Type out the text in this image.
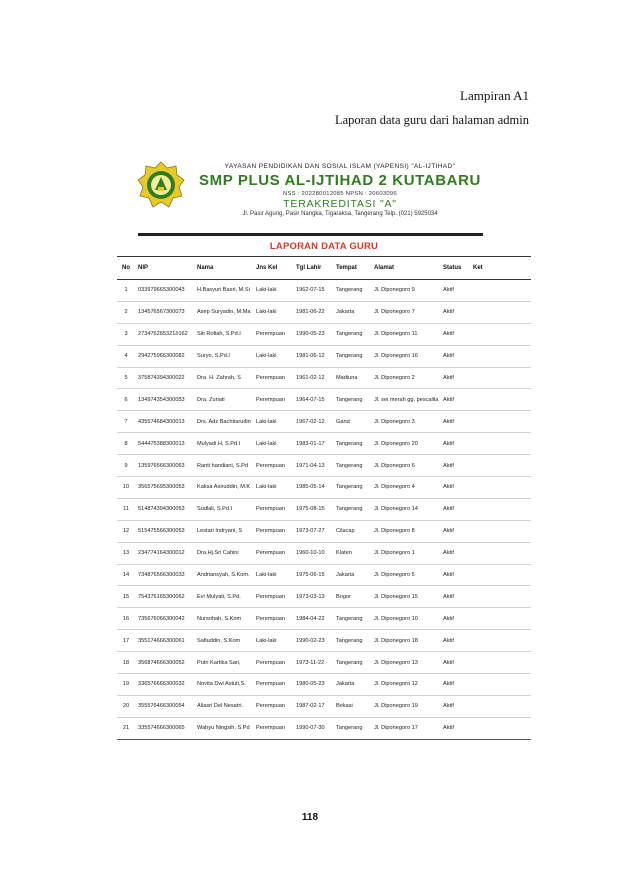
Lampiran A1
Laporan data guru dari halaman admin
YAYASAN PENDIDIKAN DAN SOSIAL ISLAM (YAPENSI) "AL-IJTIHAD"
SMP PLUS AL-IJTIHAD 2 KUTABARU
NSS : 202280012085 NPSN : 20603096
TERAKREDITASI "A"
Jl. Pasir Agung, Pasir Nangka, Tigaraksa, Tangerang Telp. (021) 5925034
LAPORAN DATA GURU
No	NIP	Nama	Jns Kel	Tgl Lahir	Tempat	Alamat	Status	Ket
1	033979665300043	H.Basyuri Basri, M.Si	Laki-laki	1962-07-15	Tangerang	Jl. Diponegoro 9	Aktif	
2	134576567300073	Asep Suryadin, M.Ma	Laki-laki	1981-06-22	Jakarta	Jl. Diponegoro 7	Aktif	
3	273476265321ô162	Siti Rofiah, S.Pd.I	Perempuan	1990-05-23	Tangerang	Jl. Diponegoro 11	Aktif	
4	294275966300082	Suryo, S.Pd.I	Laki-laki	1981-06-12	Tangerang	Jl. Diponegoro 16	Aktif	
5	375874394300022	Dra. H. Zahrah, S	Perempuan	1961-02-12	Madiuna	Jl. Diponegoro 2	Aktif	
6	134974354300053	Dra. Zuriati	Perempuan	1964-07-15	Tangerang	Jl. sei merah gg. pescalila	Aktif	
7	435574684300013	Drs. Adz Bachtiarudin	Laki-laki	1967-02-12	Garut	Jl. Diponegoro 3	Aktif	
8	544475388300013	Mulyadi H, S.Pd.I	Laki-laki	1983-01-17	Tangerang	Jl. Diponegoro 20	Aktif	
9	135976566300063	Ranti handiani, S.Pd	Perempuan	1971-04-13	Tangerang	Jl. Diponegoro 6	Aktif	
10	356575695300053	Kaksa Asiruddin, M.K	Laki-laki	1985-05-14	Tangerang	Jl. Diponegoro 4	Aktif	
11	514874394300053	Sudlali, S.Pd.I	Perempuan	1975-08-15	Tangerang	Jl. Diponegoro 14	Aktif	
12	515475566300053	Lestari Indryani, S	Perempuan	1973-07-27	Cilacap	Jl. Diponegoro 8	Aktif	
13	234774164300012	Dra.Hj.Sri Cahini	Perempuan	1960-10-10	Klaten	Jl. Diponegoro 1	Aktif	
14	734876566300033	Andriansyah, S.Kom.	Laki-laki	1975-06-15	Jakarta	Jl. Diponegoro 5	Aktif	
15	754376165300062	Evi Mulyati, S.Pd.	Perempuan	1973-03-13	Bogor	Jl. Diponegoro 15	Aktif	
16	735676066300042	Nursohah, S.Kom	Perempuan	1984-04-22	Tangerang	Jl. Diponegoro 10	Aktif	
17	355174666300061	Safiuddin, S.Kom	Laki-laki	1990-02-23	Tangerang	Jl. Diponegoro 18	Aktif	
18	356874666300052	Putri Kartika Sari,	Perempuan	1973-11-22	Tangerang	Jl. Diponegoro 13	Aktif	
19	336576666300032	Novita Dwi Astuti,S.	Perempuan	1980-05-23	Jakarta	Jl. Diponegoro 12	Aktif	
20	355576466300054	Aliasri Del Nesatri.	Perempuan	1987-02-17	Bekasi	Jl. Diponegoro 19	Aktif	
21	335574666300065	Wahyu Ningsih, S.Pd	Perempuan	1990-07-30	Tangerang	Jl. Diponegoro 17	Aktif	
118
